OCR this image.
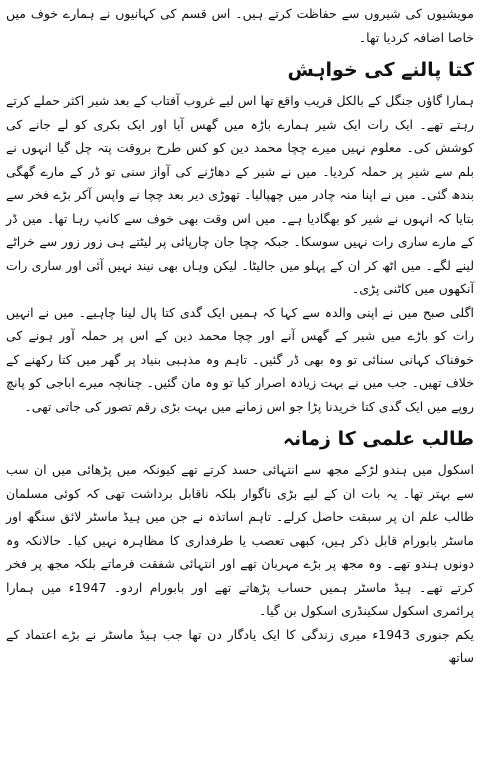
مویشیوں کی شیروں سے حفاظت کرتے ہیں۔ اس قسم کی کہانیوں نے ہمارے خوف میں خاصا اضافہ کردیا تھا۔

کتا پالنے کی خواہش

ہمارا گاؤں جنگل کے بالکل قریب واقع تھا اس لیے غروب آفتاب کے بعد شیر اکثر حملے کرتے رہتے تھے۔ ایک رات ایک شیر ہمارے باڑہ میں گھس آیا اور ایک بکری کو لے جانے کی کوشش کی۔ معلوم نہیں میرے چچا محمد دین کو کس طرح بروقت پتہ چل گیا انہوں نے بلم سے شیر پر حملہ کردیا۔ میں نے شیر کے دھاڑنے کی آواز سنی تو ڈر کے مارے گھگی بندھ گئی۔ میں نے اپنا منہ چادر میں چھپالیا۔ تھوڑی دیر بعد چچا نے واپس آکر بڑے فخر سے بتایا کہ انہوں نے شیر کو بھگادیا ہے۔ میں اس وقت بھی خوف سے کانپ رہا تھا۔ میں ڈر کے مارے ساری رات نہیں سوسکا۔ جبکہ چچا جان چارپائی پر لیٹتے ہی زور زور سے خراٹے لینے لگے۔ میں اٹھ کر ان کے پہلو میں جالیٹا۔ لیکن وہاں بھی نیند نہیں آئی اور ساری رات آنکھوں میں کاٹنی پڑی۔

اگلی صبح میں نے اپنی والدہ سے کہا کہ ہمیں ایک گدی کتا پال لینا چاہیے۔ میں نے انہیں رات کو باڑے میں شیر کے گھس آنے اور چچا محمد دین کے اس پر حملہ آور ہونے کی خوفناک کہانی سنائی تو وہ بھی ڈر گئیں۔ تاہم وہ مذہبی بنیاد پر گھر میں کتا رکھنے کے خلاف تھیں۔ جب میں نے بہت زیادہ اصرار کیا تو وہ مان گئیں۔ چنانچہ میرے اباجی کو پانچ روپے میں ایک گدی کتا خریدنا پڑا جو اس زمانے میں بہت بڑی رقم تصور کی جاتی تھی۔

طالب علمی کا زمانہ

اسکول میں ہندو لڑکے مجھ سے انتہائی حسد کرتے تھے کیونکہ میں پڑھائی میں ان سب سے بہتر تھا۔ یہ بات ان کے لیے بڑی ناگوار بلکہ ناقابل برداشت تھی کہ کوئی مسلمان طالب علم ان پر سبقت حاصل کرلے۔ تاہم اساتذہ نے جن میں ہیڈ ماسٹر لائق سنگھ اور ماسٹر بابورام قابل ذکر ہیں، کبھی تعصب یا طرفداری کا مظاہرہ نہیں کیا۔ حالانکہ وہ دونوں ہندو تھے۔ وہ مجھ پر بڑے مہربان تھے اور انتہائی شفقت فرماتے بلکہ مجھ پر فخر کرتے تھے۔ ہیڈ ماسٹر ہمیں حساب پڑھاتے تھے اور بابورام اردو۔ 1947ء میں ہمارا پرائمری اسکول سکینڈری اسکول بن گیا۔

یکم جنوری 1943ء میری زندگی کا ایک یادگار دن تھا جب ہیڈ ماسٹر نے بڑے اعتماد کے ساتھ
